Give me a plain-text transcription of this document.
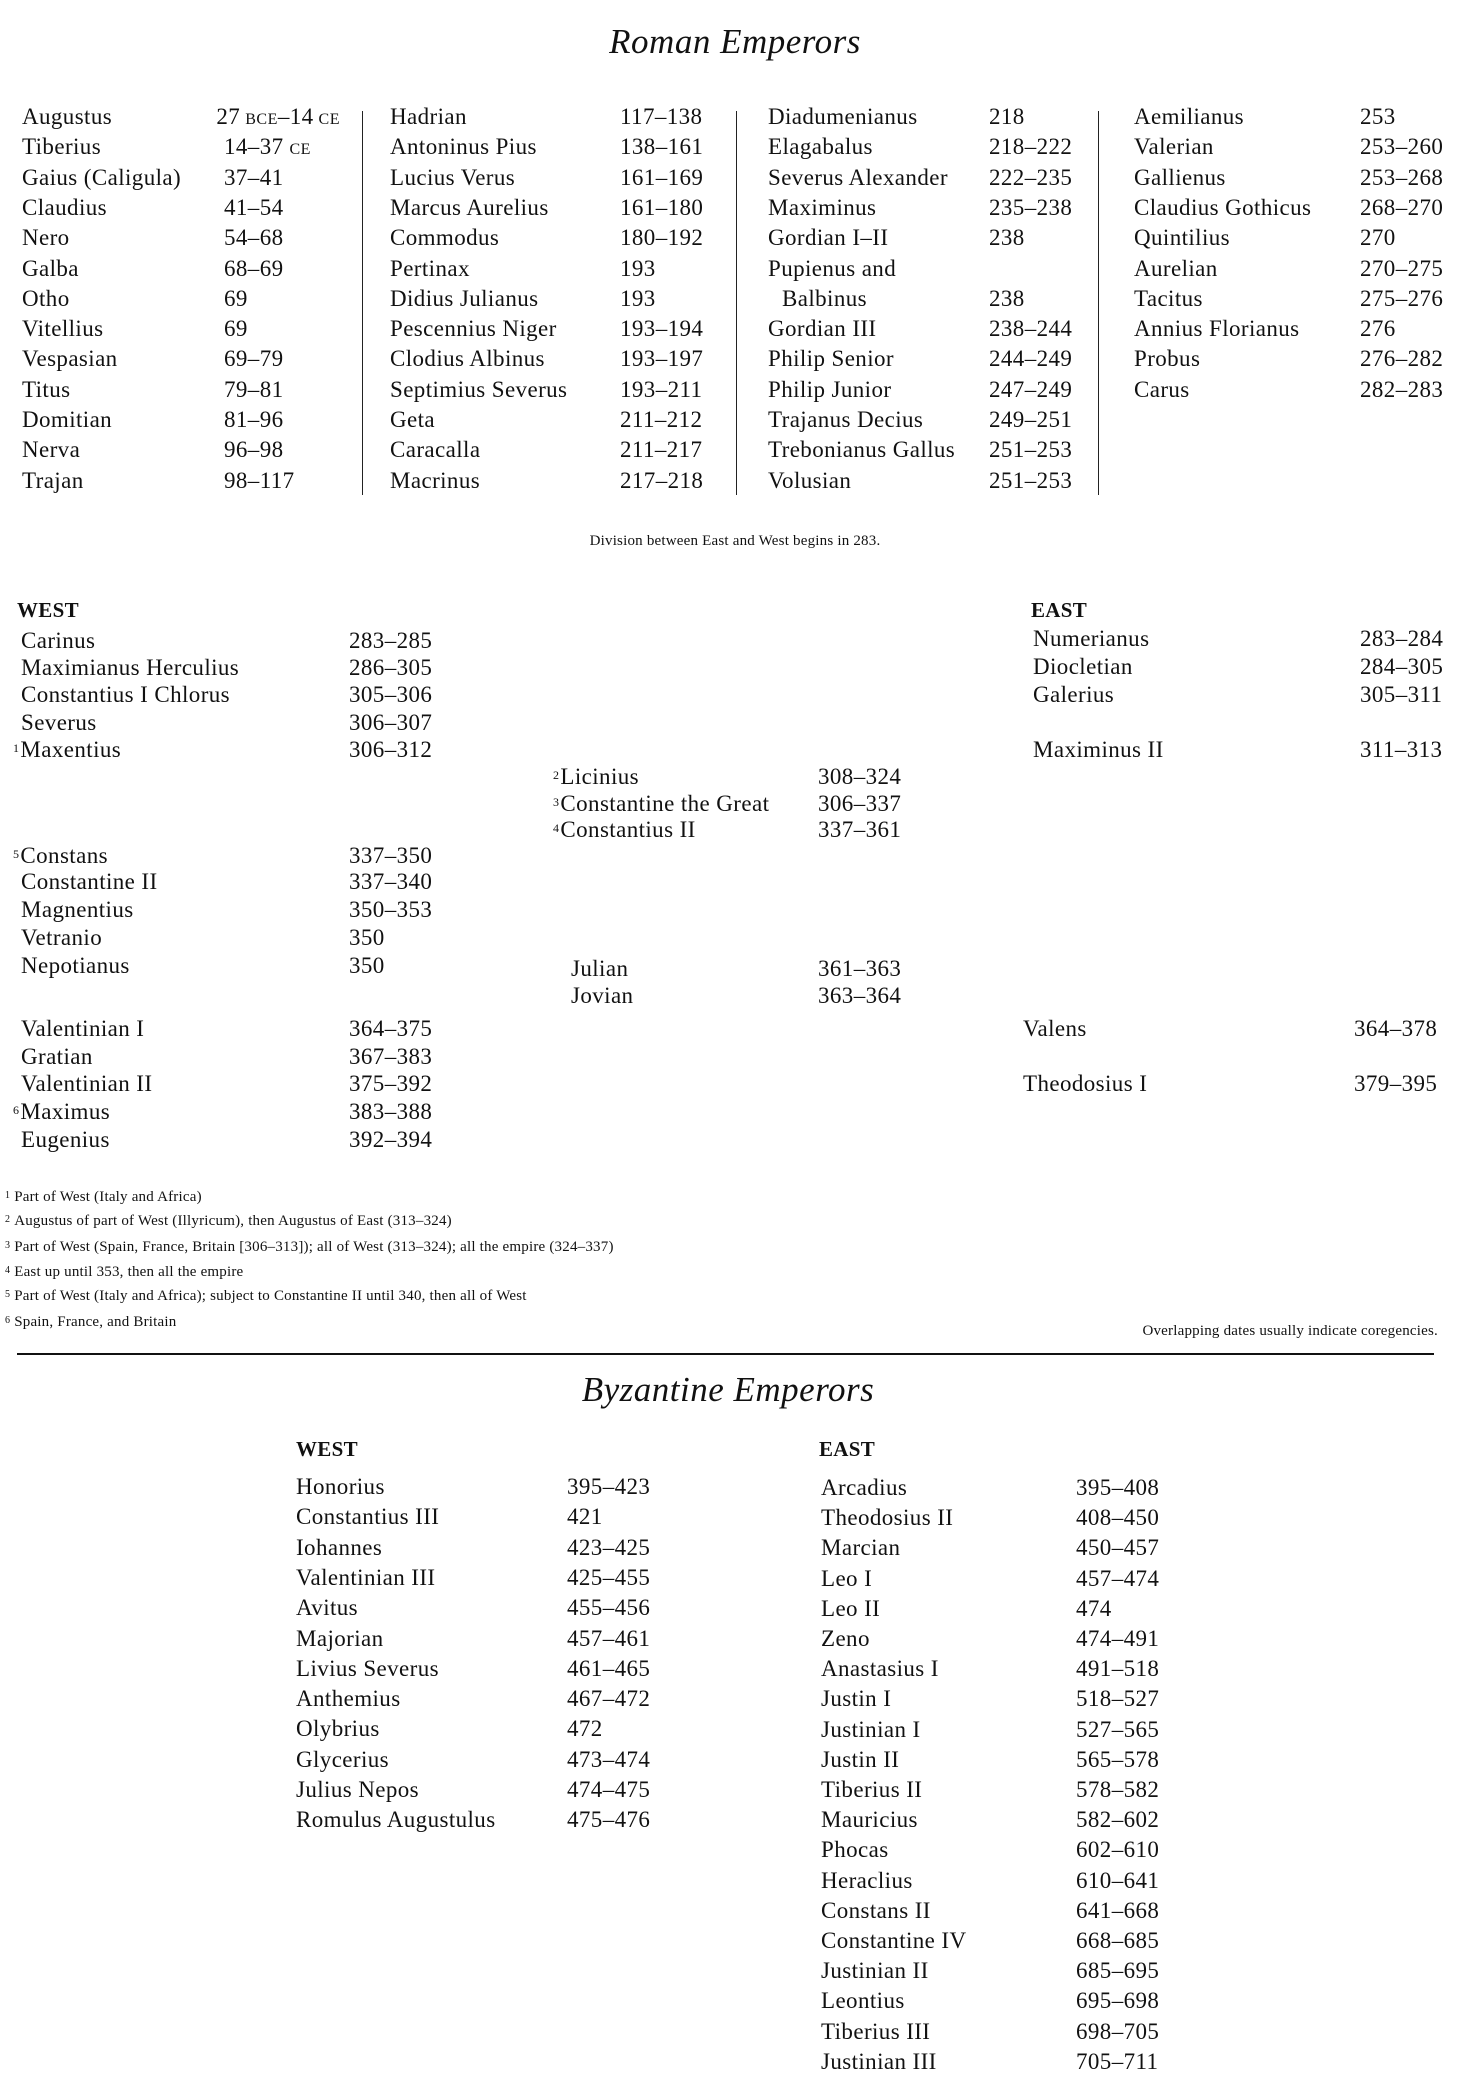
Roman Emperors
Augustus	27 BCE–14 CE
Tiberius	14–37 CE
Gaius (Caligula) 37–41
Claudius	41–54
Nero	54–68
Galba	68–69
Otho	69
Vitellius	69
Vespasian	69–79
Titus	79–81
Domitian	81–96
Nerva	96–98
Trajan	98–117
Hadrian	117–138
Antoninus Pius	138–161
Lucius Verus	161–169
Marcus Aurelius	161–180
Commodus	180–192
Pertinax	193
Didius Julianus	193
Pescennius Niger	193–194
Clodius Albinus	193–197
Septimius Severus 193–211
Geta	211–212
Caracalla	211–217
Macrinus	217–218
Diadumenianus	218
Elagabalus	218–222
Severus Alexander 222–235
Maximinus	235–238
Gordian I–II	238
Pupienus and
Balbinus	238
Gordian III	238–244
Philip Senior	244–249
Philip Junior	247–249
Trajanus Decius	249–251
Trebonianus Gallus 251–253
Volusian	251–253
Aemilianus	253
Valerian	253–260
Gallienus	253–268
Claudius Gothicus 268–270
Quintilius	270
Aurelian	270–275
Tacitus	275–276
Annius Florianus	276
Probus	276–282
Carus	282–283
Division between East and West begins in 283.
WEST	EAST
Carinus	283–285
Maximianus Herculius	286–305
Constantius I Chlorus	305–306
Severus	306–307
$^1$Maxentius	306–312
$^5$Constans	337–350
Constantine II	337–340
Magnentius	350–353
Vetranio	350
Nepotianus	350
Valentinian I	364–375
Gratian	367–383
Valentinian II	375–392
$^6$Maximus	383–388
Eugenius	392–394
$^2$Licinius	308–324
$^3$Constantine the Great 306–337
$^4$Constantius II	337–361
Julian	361–363
Jovian	363–364
Numerianus	283–284
Diocletian	284–305
Galerius	305–311
Maximinus II	311–313
Valens	364–378
Theodosius I	379–395
$^1$ Part of West (Italy and Africa)
$^2$ Augustus of part of West (Illyricum), then Augustus of East (313–324)
$^3$ Part of West (Spain, France, Britain [306–313]); all of West (313–324); all the empire (324–337)
$^4$ East up until 353, then all the empire
$^5$ Part of West (Italy and Africa); subject to Constantine II until 340, then all of West
$^6$ Spain, France, and Britain
Overlapping dates usually indicate coregencies.
Byzantine Emperors
WEST	EAST
Honorius	395–423
Constantius III	421
Iohannes	423–425
Valentinian III	425–455
Avitus	455–456
Majorian	457–461
Livius Severus	461–465
Anthemius	467–472
Olybrius	472
Glycerius	473–474
Julius Nepos	474–475
Romulus Augustulus	475–476
Arcadius	395–408
Theodosius II	408–450
Marcian	450–457
Leo I	457–474
Leo II	474
Zeno	474–491
Anastasius I	491–518
Justin I	518–527
Justinian I	527–565
Justin II	565–578
Tiberius II	578–582
Mauricius	582–602
Phocas	602–610
Heraclius	610–641
Constans II	641–668
Constantine IV	668–685
Justinian II	685–695
Leontius	695–698
Tiberius III	698–705
Justinian III	705–711
